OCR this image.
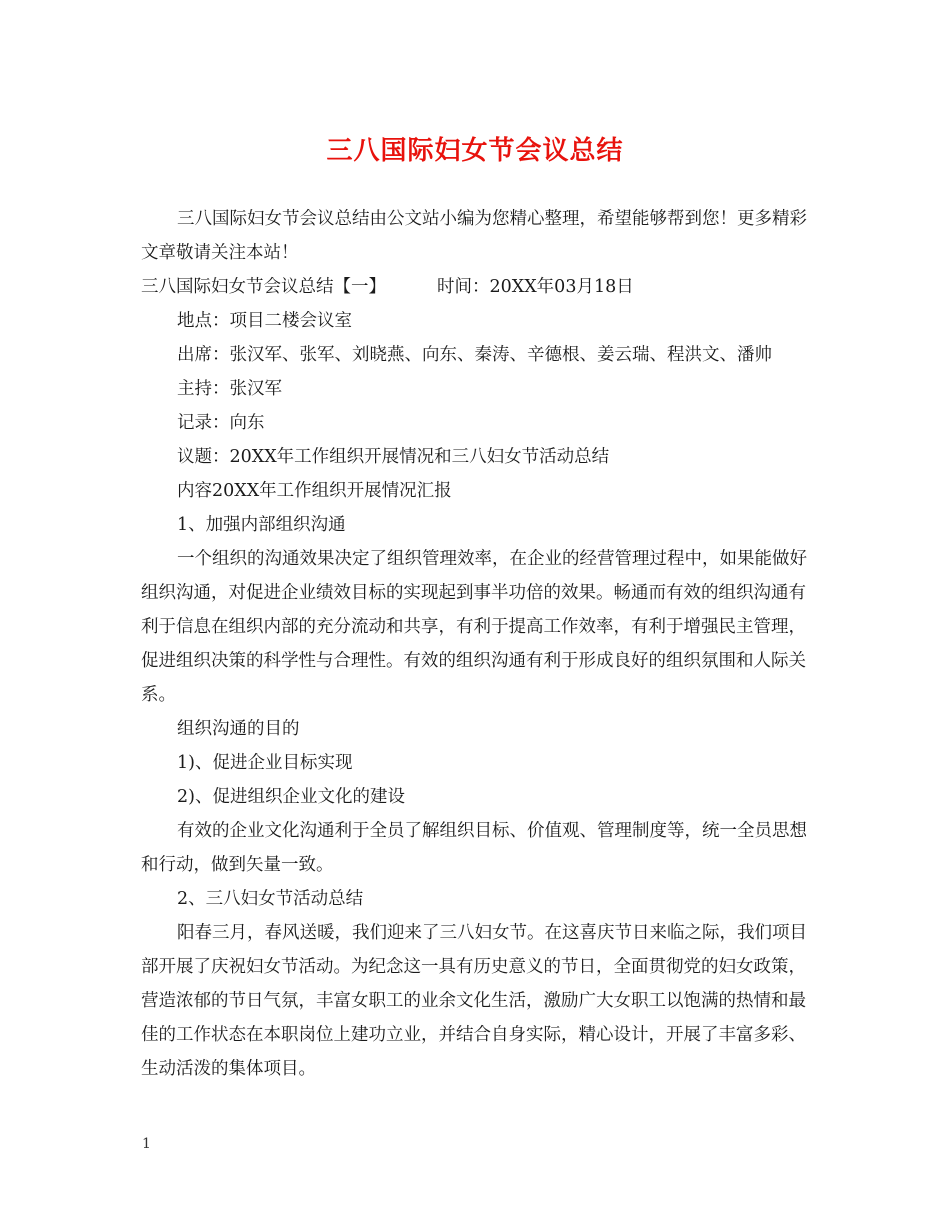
三八国际妇女节会议总结

三八国际妇女节会议总结由公文站小编为您精心整理，希望能够帮到您！更多精彩文章敬请关注本站！

三八国际妇女节会议总结【一】	时间：20XX年03月18日

地点：项目二楼会议室

出席：张汉军、张军、刘晓燕、向东、秦涛、辛德根、姜云瑞、程洪文、潘帅

主持：张汉军

记录：向东

议题：20XX年工作组织开展情况和三八妇女节活动总结

内容20XX年工作组织开展情况汇报

1、加强内部组织沟通

一个组织的沟通效果决定了组织管理效率，在企业的经营管理过程中，如果能做好组织沟通，对促进企业绩效目标的实现起到事半功倍的效果。畅通而有效的组织沟通有利于信息在组织内部的充分流动和共享，有利于提高工作效率，有利于增强民主管理，促进组织决策的科学性与合理性。有效的组织沟通有利于形成良好的组织氛围和人际关系。

组织沟通的目的

1)、促进企业目标实现

2)、促进组织企业文化的建设

有效的企业文化沟通利于全员了解组织目标、价值观、管理制度等，统一全员思想和行动，做到矢量一致。

2、三八妇女节活动总结

阳春三月，春风送暖，我们迎来了三八妇女节。在这喜庆节日来临之际，我们项目部开展了庆祝妇女节活动。为纪念这一具有历史意义的节日，全面贯彻党的妇女政策，营造浓郁的节日气氛，丰富女职工的业余文化生活，激励广大女职工以饱满的热情和最佳的工作状态在本职岗位上建功立业，并结合自身实际，精心设计，开展了丰富多彩、生动活泼的集体项目。

1
